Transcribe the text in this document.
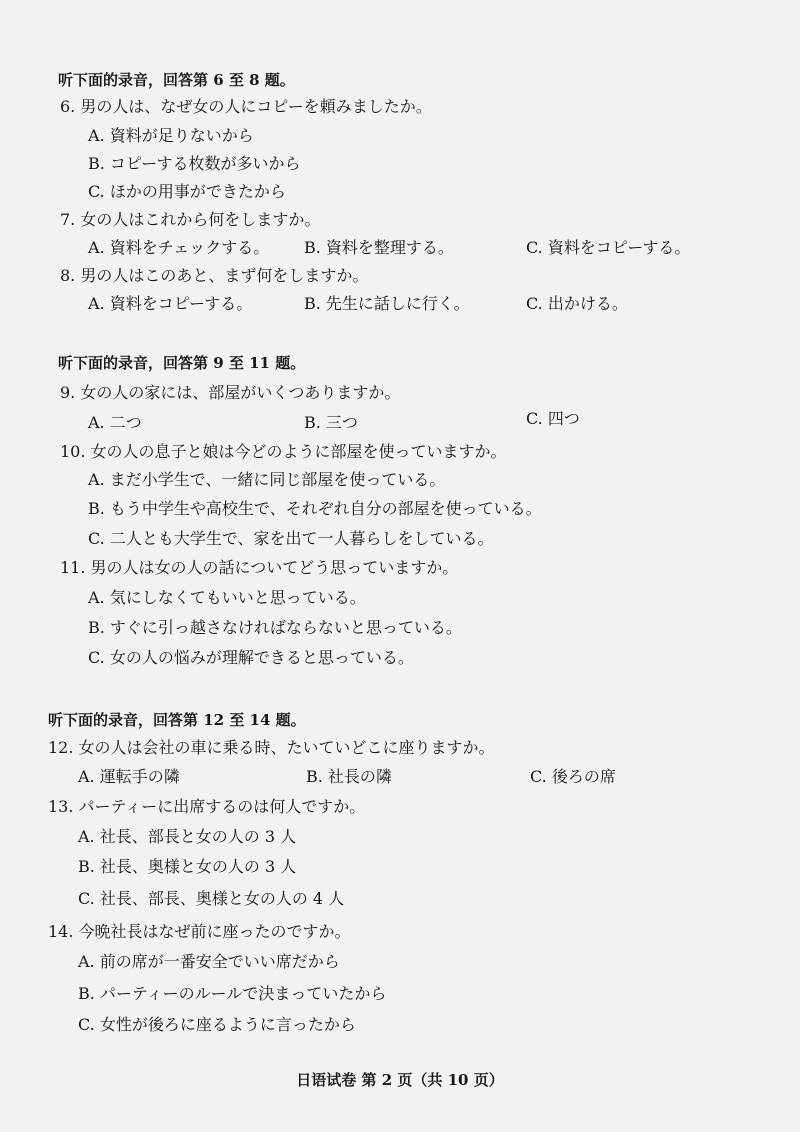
听下面的录音，回答第 6 至 8 题。
6. 男の人は、なぜ女の人にコピーを頼みましたか。
A. 資料が足りないから
B. コピーする枚数が多いから
C. ほかの用事ができたから
7. 女の人はこれから何をしますか。
A. 資料をチェックする。 B. 資料を整理する。	C. 資料をコピーする。
8. 男の人はこのあと、まず何をしますか。
A. 資料をコピーする。	B. 先生に話しに行く。	C. 出かける。
听下面的录音，回答第 9 至 11 题。
9. 女の人の家には、部屋がいくつありますか。
A. 二つ	B. 三つ	C. 四つ
10. 女の人の息子と娘は今どのように部屋を使っていますか。
A. まだ小学生で、一緒に同じ部屋を使っている。
B. もう中学生や高校生で、それぞれ自分の部屋を使っている。
C. 二人とも大学生で、家を出て一人暮らしをしている。
11. 男の人は女の人の話についてどう思っていますか。
A. 気にしなくてもいいと思っている。
B. すぐに引っ越さなければならないと思っている。
C. 女の人の悩みが理解できると思っている。
听下面的录音，回答第 12 至 14 题。
12. 女の人は会社の車に乗る時、たいていどこに座りますか。
A. 運転手の隣	B. 社長の隣	C. 後ろの席
13. パーティーに出席するのは何人ですか。
A. 社長、部長と女の人の 3 人
B. 社長、奥様と女の人の 3 人
C. 社長、部長、奥様と女の人の 4 人
14. 今晩社長はなぜ前に座ったのですか。
A. 前の席が一番安全でいい席だから
B. パーティーのルールで決まっていたから
C. 女性が後ろに座るように言ったから
日语试卷 第 2 页（共 10 页）
